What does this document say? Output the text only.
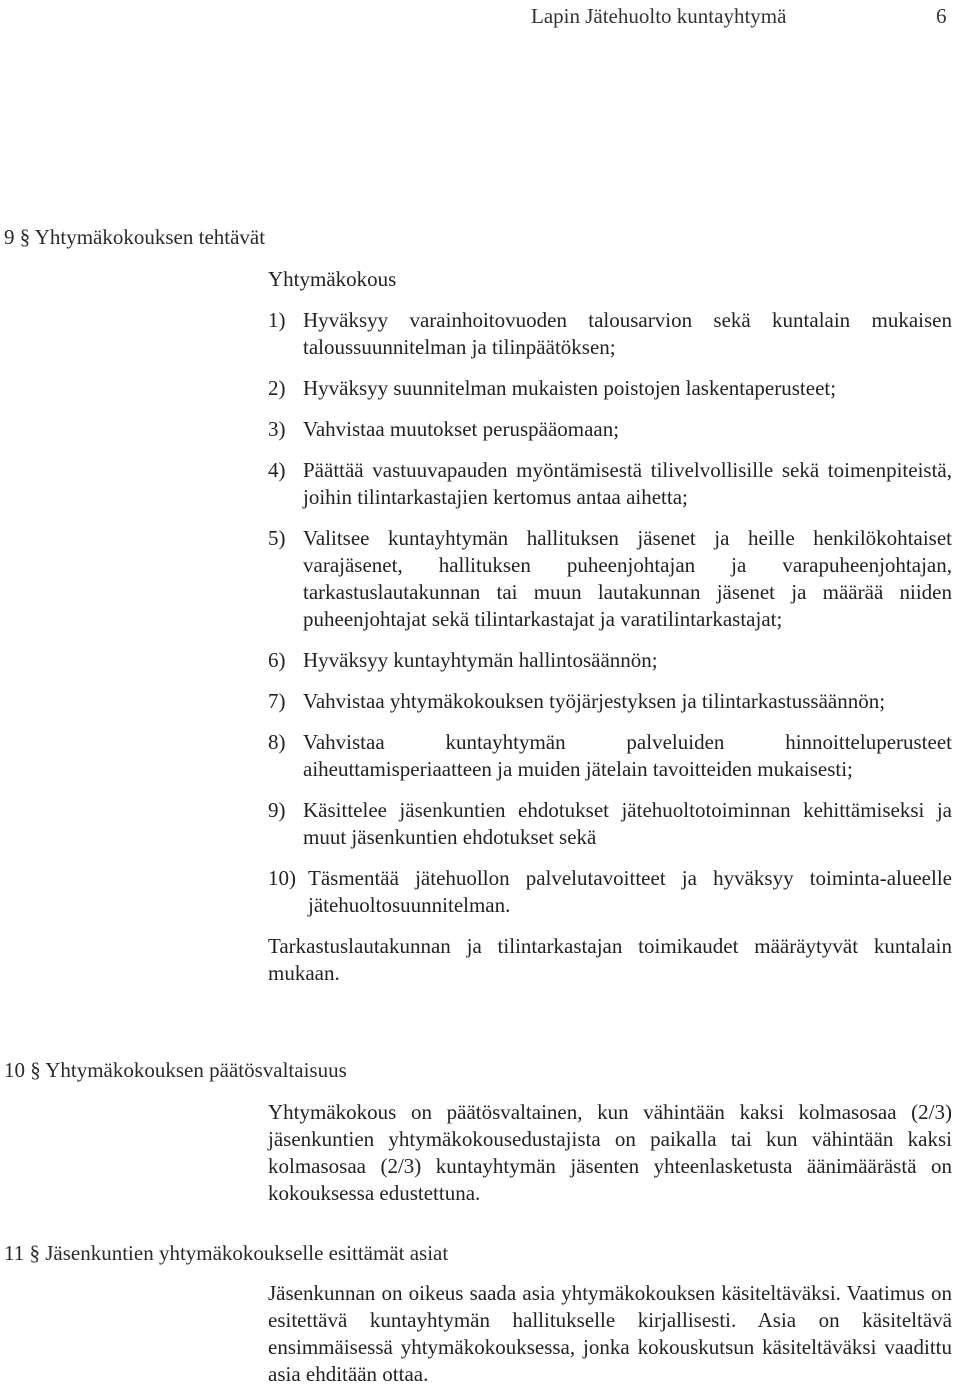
Lapin Jätehuolto kuntayhtymä	6
9 § Yhtymäkokouksen tehtävät

Yhtymäkokous

1) Hyväksyy varainhoitovuoden talousarvion sekä kuntalain mukaisen taloussuunnitelman ja tilinpäätöksen;
2) Hyväksyy suunnitelman mukaisten poistojen laskentaperusteet;
3) Vahvistaa muutokset peruspääomaan;
4) Päättää vastuuvapauden myöntämisestä tilivelvollisille sekä toimenpiteistä, joihin tilintarkastajien kertomus antaa aihetta;
5) Valitsee kuntayhtymän hallituksen jäsenet ja heille henkilökohtaiset varajäsenet, hallituksen puheenjohtajan ja varapuheenjohtajan, tarkastuslautakunnan tai muun lautakunnan jäsenet ja määrää niiden puheenjohtajat sekä tilintarkastajat ja varatilintarkastajat;
6) Hyväksyy kuntayhtymän hallintosäännön;
7) Vahvistaa yhtymäkokouksen työjärjestyksen ja tilintarkastussäännön;
8) Vahvistaa kuntayhtymän palveluiden hinnoitteluperusteet aiheuttamisperiaatteen ja muiden jätelain tavoitteiden mukaisesti;
9) Käsittelee jäsenkuntien ehdotukset jätehuoltotoiminnan kehittämiseksi ja muut jäsenkuntien ehdotukset sekä
10) Täsmentää jätehuollon palvelutavoitteet ja hyväksyy toiminta-alueelle jätehuoltosuunnitelman.

Tarkastuslautakunnan ja tilintarkastajan toimikaudet määräytyvät kuntalain mukaan.

10 § Yhtymäkokouksen päätösvaltaisuus

Yhtymäkokous on päätösvaltainen, kun vähintään kaksi kolmasosaa (2/3) jäsenkuntien yhtymäkokousedustajista on paikalla tai kun vähintään kaksi kolmasosaa (2/3) kuntayhtymän jäsenten yhteenlasketusta äänimäärästä on kokouksessa edustettuna.

11 § Jäsenkuntien yhtymäkokoukselle esittämät asiat

Jäsenkunnan on oikeus saada asia yhtymäkokouksen käsiteltäväksi. Vaatimus on esitettävä kuntayhtymän hallitukselle kirjallisesti. Asia on käsiteltävä ensimmäisessä yhtymäkokouksessa, jonka kokouskutsun käsiteltäväksi vaadittu asia ehditään ottaa.
